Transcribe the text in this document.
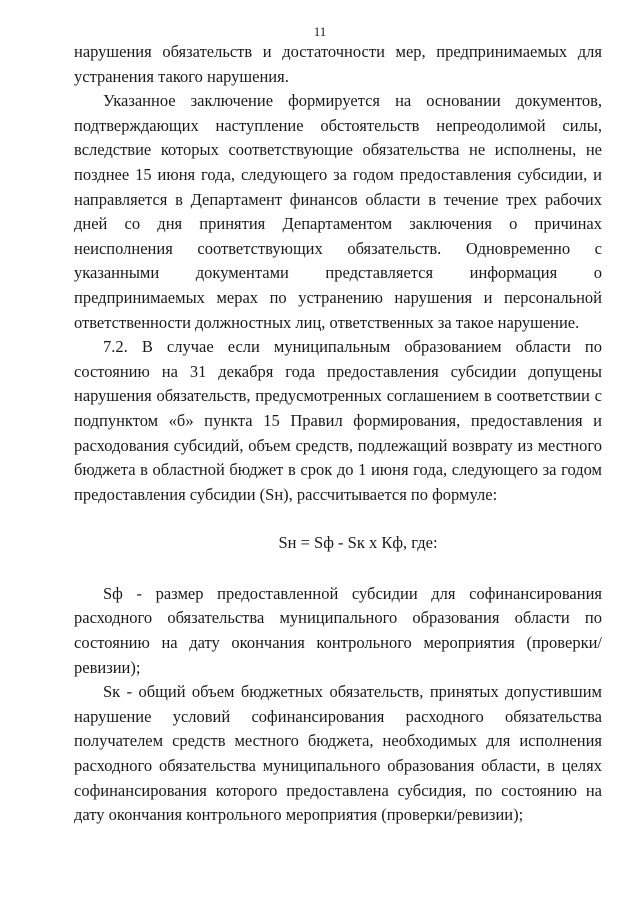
11

нарушения обязательств и достаточности мер, предпринимаемых для устранения такого нарушения.

Указанное заключение формируется на основании документов, подтверждающих наступление обстоятельств непреодолимой силы, вследствие которых соответствующие обязательства не исполнены, не позднее 15 июня года, следующего за годом предоставления субсидии, и направляется в Департамент финансов области в течение трех рабочих дней со дня принятия Департаментом заключения о причинах неисполнения соответствующих обязательств. Одновременно с указанными документами представляется информация о предпринимаемых мерах по устранению нарушения и персональной ответственности должностных лиц, ответственных за такое нарушение.

7.2. В случае если муниципальным образованием области по состоянию на 31 декабря года предоставления субсидии допущены нарушения обязательств, предусмотренных соглашением в соответствии с подпунктом «б» пункта 15 Правил формирования, предоставления и расходования субсидий, объем средств, подлежащий возврату из местного бюджета в областной бюджет в срок до 1 июня года, следующего за годом предоставления субсидии (Sн), рассчитывается по формуле:

Sн = Sф - Sк x Кф, где:

Sф - размер предоставленной субсидии для софинансирования расходного обязательства муниципального образования области по состоянию на дату окончания контрольного мероприятия (проверки/ревизии);

Sк - общий объем бюджетных обязательств, принятых допустившим нарушение условий софинансирования расходного обязательства получателем средств местного бюджета, необходимых для исполнения расходного обязательства муниципального образования области, в целях софинансирования которого предоставлена субсидия, по состоянию на дату окончания контрольного мероприятия (проверки/ревизии);
